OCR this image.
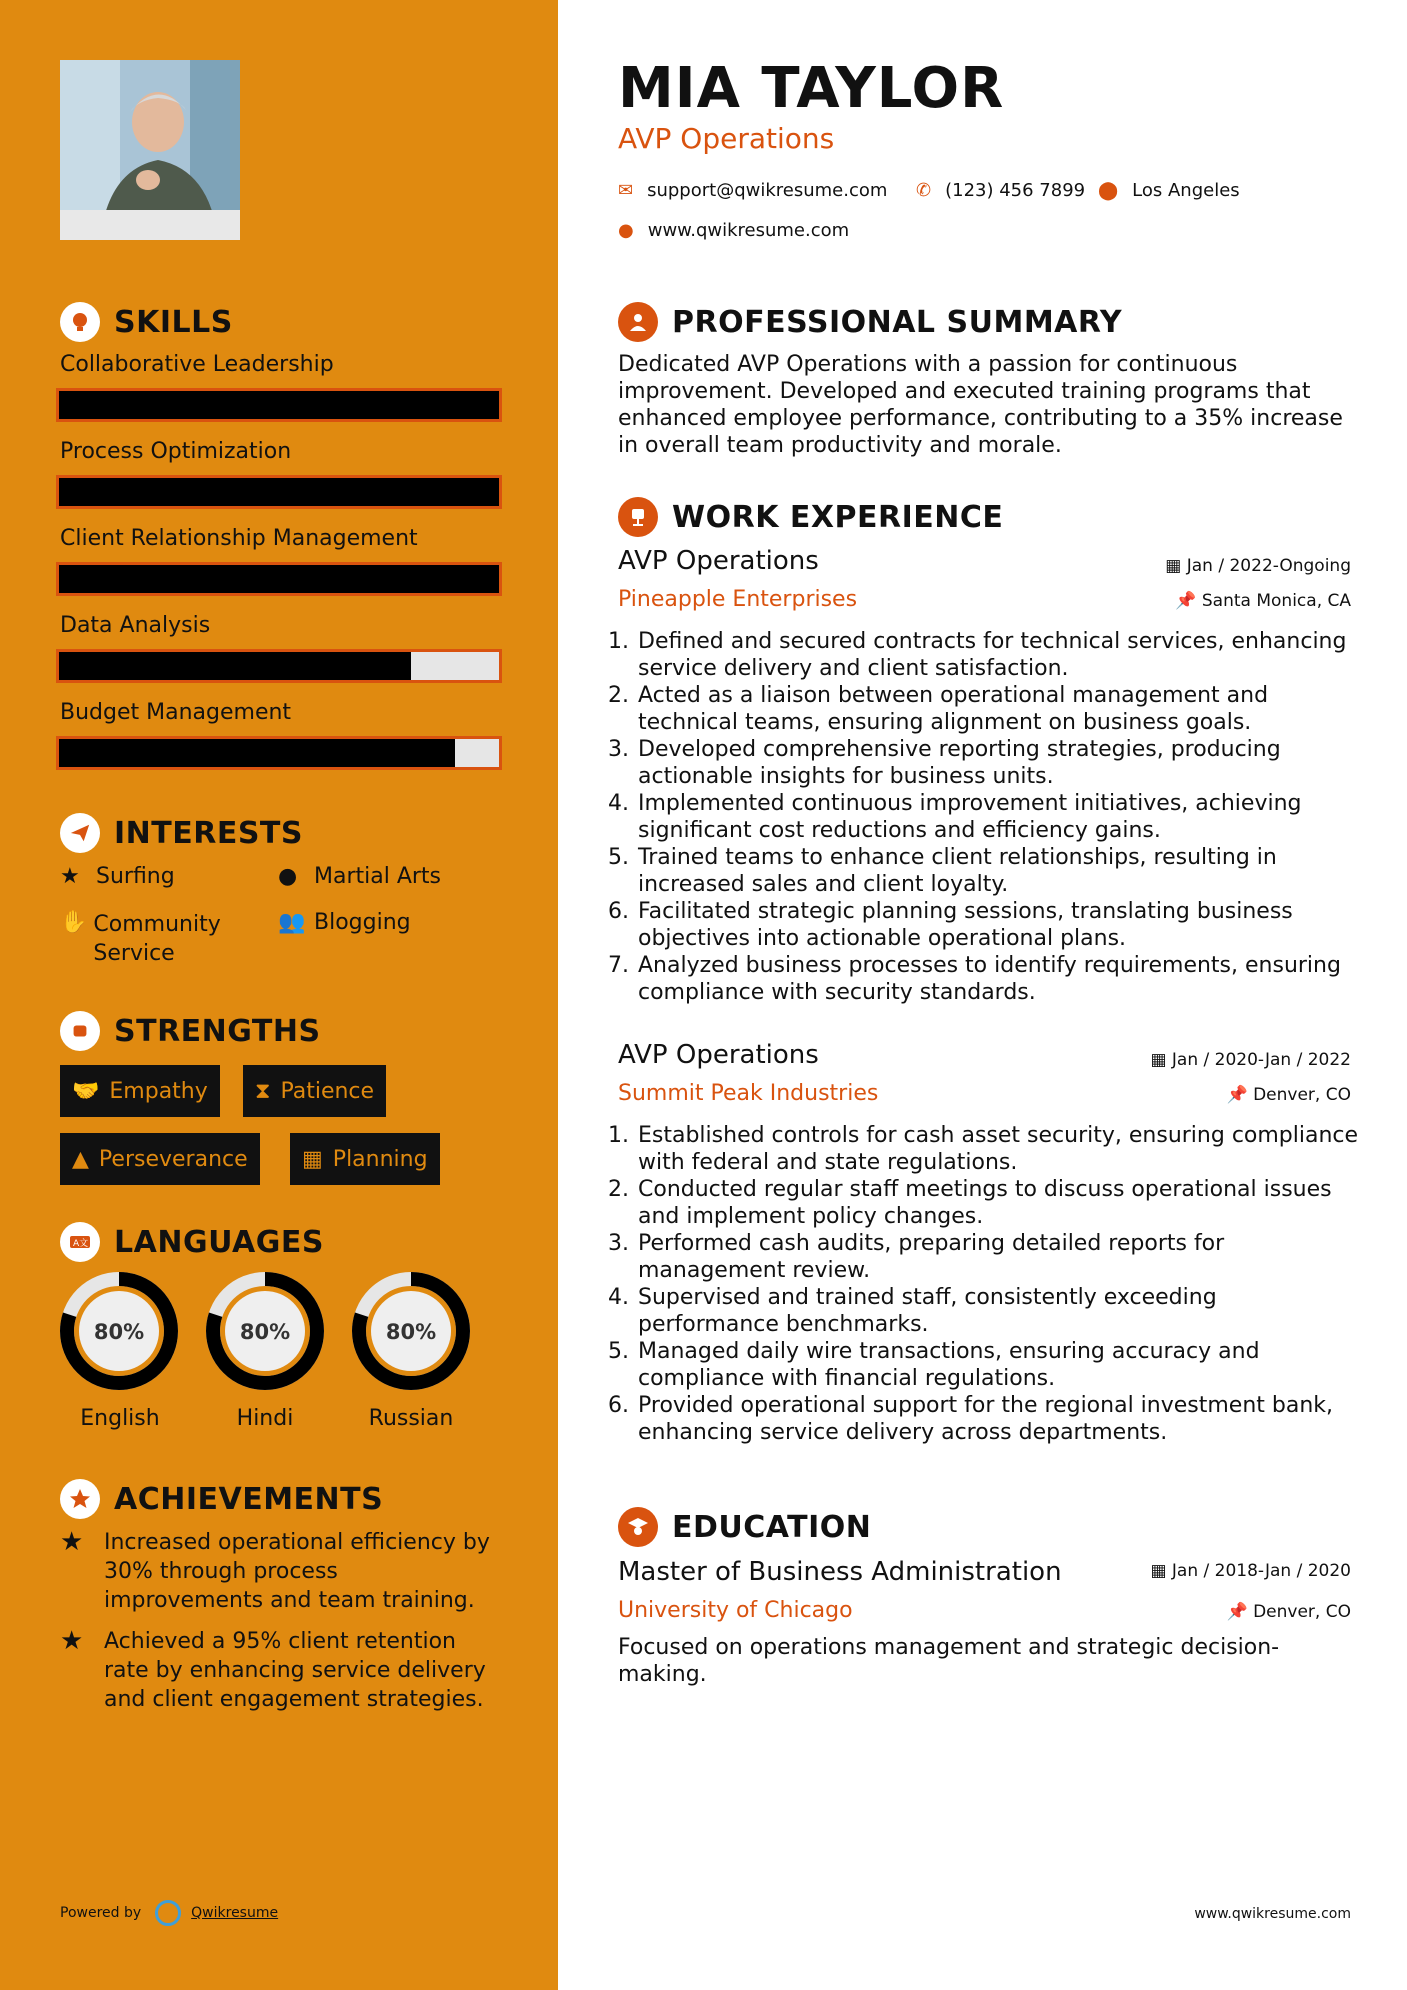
SKILLS
Collaborative Leadership
Process Optimization
Client Relationship Management
Data Analysis
Budget Management
INTERESTS
★ Surfing	● Martial Arts
✋ Community Service
👥 Blogging
STRENGTHS
🤝 Empathy ⧗ Patience
▲ Perseverance ▦ Planning
A文 LANGUAGES
80%	80%	80%
English	Hindi	Russian
ACHIEVEMENTS
★ Increased operational efficiency by 30% through process improvements and team training.
★ Achieved a 95% client retention rate by enhancing service delivery and client engagement strategies.
Powered by	Qwikresume
MIA TAYLOR
AVP Operations
✉ support@qwikresume.com ✆ (123) 456 7899 ⬤ Los Angeles
● www.qwikresume.com
PROFESSIONAL SUMMARY
Dedicated AVP Operations with a passion for continuous improvement. Developed and executed training programs that enhanced employee performance, contributing to a 35% increase in overall team productivity and morale.
WORK EXPERIENCE
AVP Operations	▦ Jan / 2022-Ongoing
Pineapple Enterprises	📌 Santa Monica, CA
1. Defined and secured contracts for technical services, enhancing service delivery and client satisfaction.
2. Acted as a liaison between operational management and technical teams, ensuring alignment on business goals.
3. Developed comprehensive reporting strategies, producing actionable insights for business units.
4. Implemented continuous improvement initiatives, achieving significant cost reductions and efficiency gains.
5. Trained teams to enhance client relationships, resulting in increased sales and client loyalty.
6. Facilitated strategic planning sessions, translating business objectives into actionable operational plans.
7. Analyzed business processes to identify requirements, ensuring compliance with security standards.
AVP Operations	▦ Jan / 2020-Jan / 2022
Summit Peak Industries	📌 Denver, CO
1. Established controls for cash asset security, ensuring compliance with federal and state regulations.
2. Conducted regular staff meetings to discuss operational issues and implement policy changes.
3. Performed cash audits, preparing detailed reports for management review.
4. Supervised and trained staff, consistently exceeding performance benchmarks.
5. Managed daily wire transactions, ensuring accuracy and compliance with financial regulations.
6. Provided operational support for the regional investment bank, enhancing service delivery across departments.
EDUCATION
Master of Business Administration	▦ Jan / 2018-Jan / 2020
University of Chicago	📌 Denver, CO
Focused on operations management and strategic decision-making.
www.qwikresume.com
